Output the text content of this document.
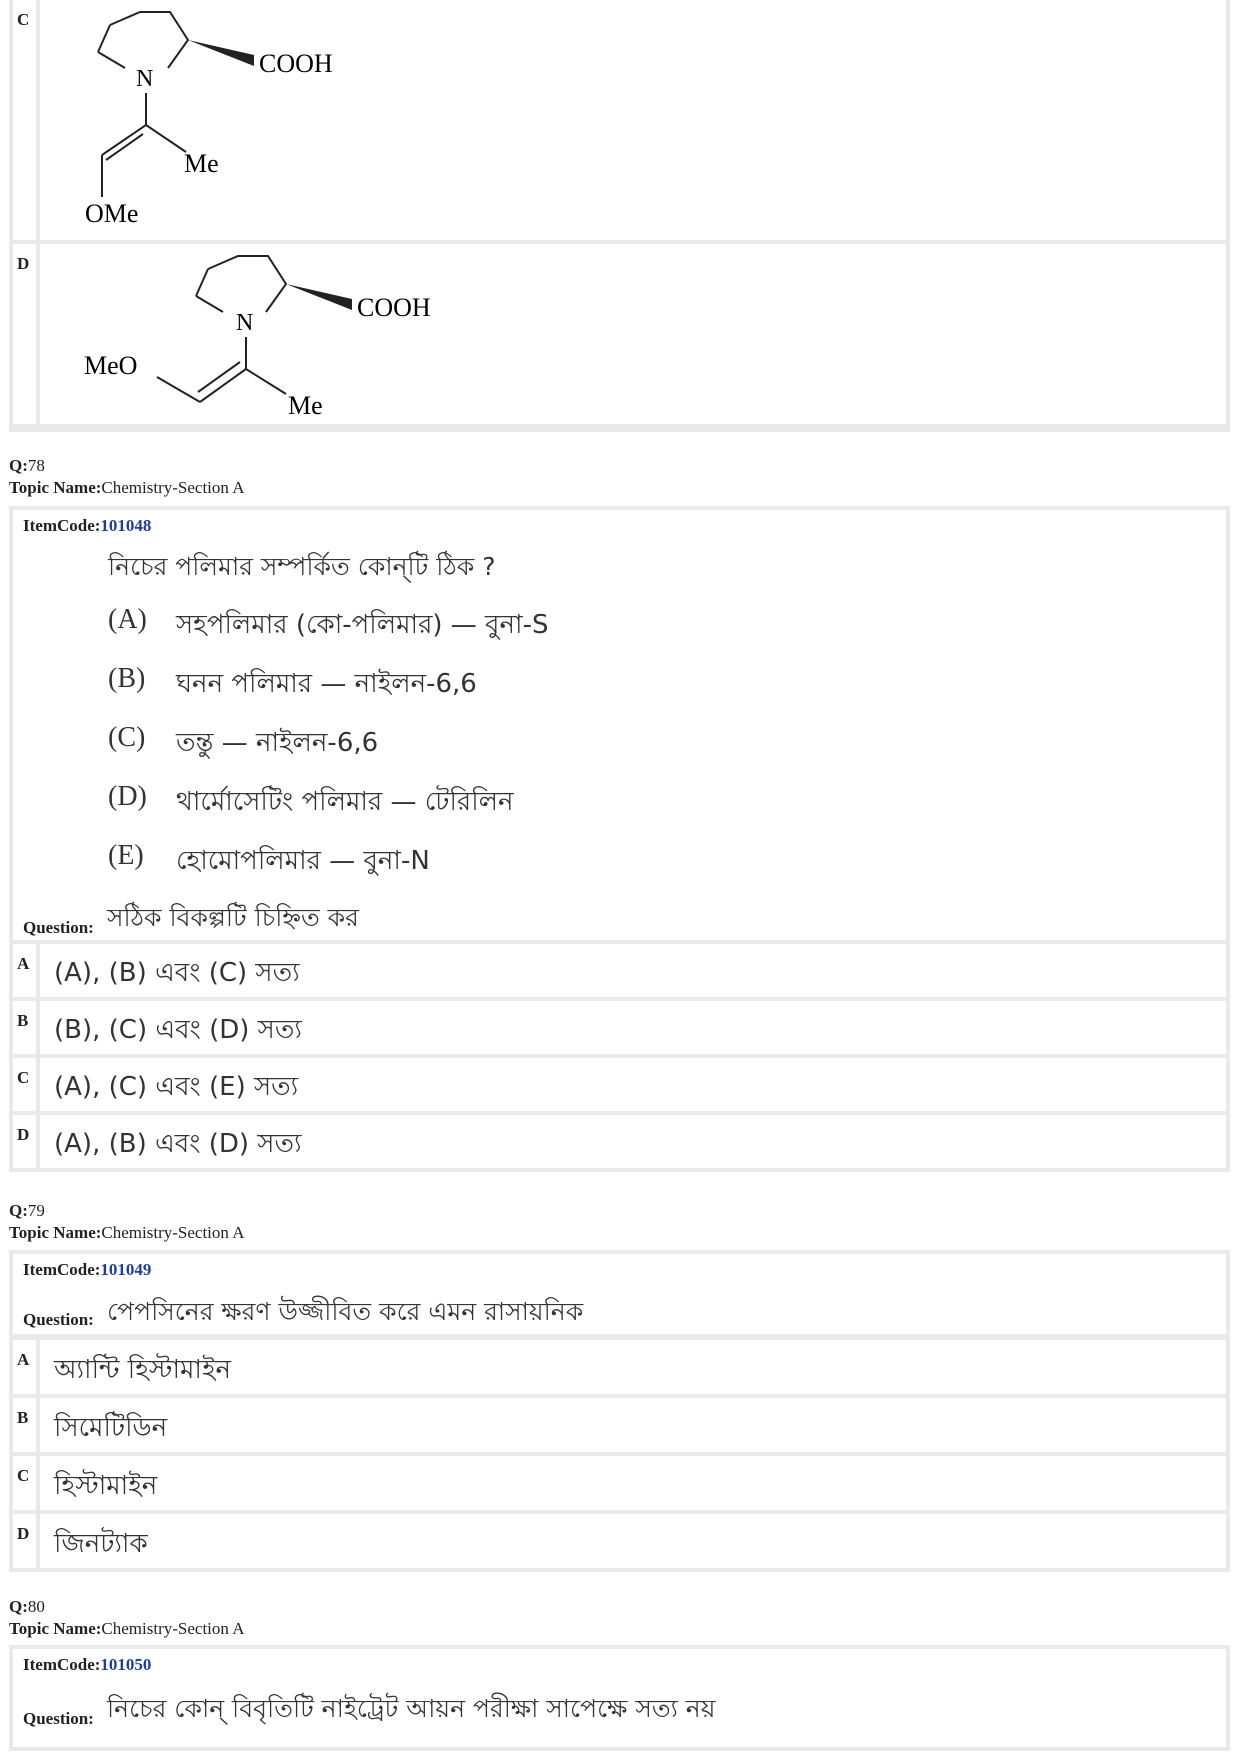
C
COOH
N
Me
OMe
D
COOH
N
MeO
Me
Q:78
Topic Name:Chemistry-Section A
ItemCode:101048
নিচের পলিমার সম্পর্কিত কোন্‌টি ঠিক ?
(A) সহপলিমার (কো-পলিমার) — বুনা-S
(B) ঘনন পলিমার — নাইলন-6,6
(C) তন্তু — নাইলন-6,6
(D) থার্মোসেটিং পলিমার — টেরিলিন
(E) হোমোপলিমার — বুনা-N
Question: সঠিক বিকল্পটি চিহ্নিত কর
A (A), (B) এবং (C) সত্য
B (B), (C) এবং (D) সত্য
C (A), (C) এবং (E) সত্য
D (A), (B) এবং (D) সত্য
Q:79
Topic Name:Chemistry-Section A
ItemCode:101049
Question: পেপসিনের ক্ষরণ উজ্জীবিত করে এমন রাসায়নিক
A অ্যান্টি হিস্টামাইন
B সিমেটিডিন
C হিস্টামাইন
D জিনট্যাক
Q:80
Topic Name:Chemistry-Section A
ItemCode:101050
Question: নিচের কোন্‌ বিবৃতিটি নাইট্রেট আয়ন পরীক্ষা সাপেক্ষে সত্য নয়
